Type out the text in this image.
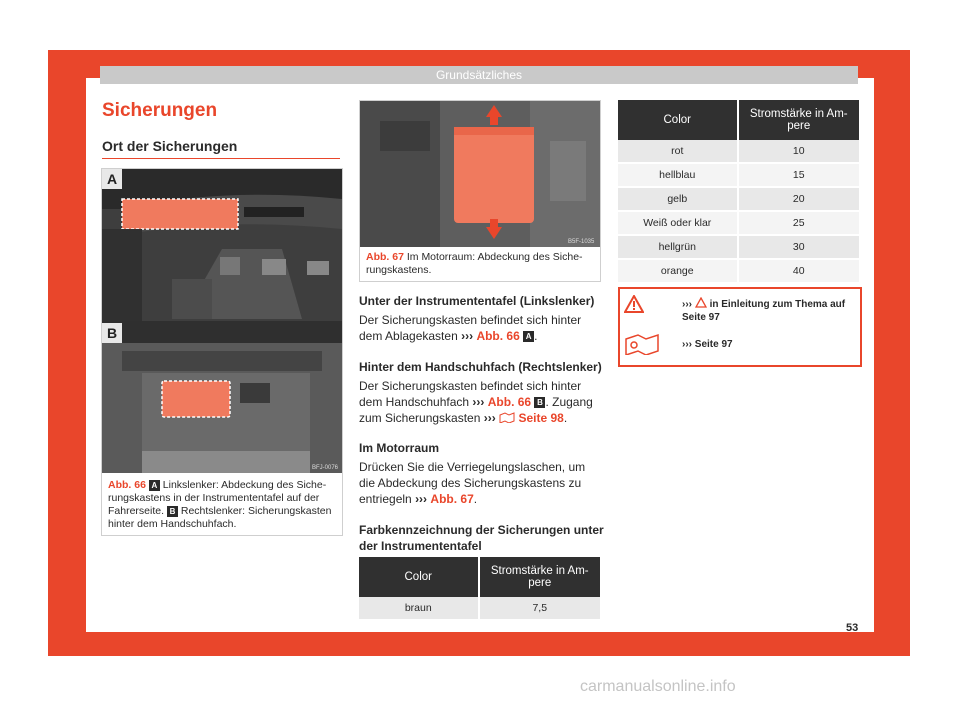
Grundsätzliches
Sicherungen
Ort der Sicherungen
A
B
BFJ-0076
Abb. 66 A Linkslenker: Abdeckung des Sicherungskastens in der Instrumententafel auf der Fahrerseite. B Rechtslenker: Sicherungskasten hinter dem Handschuhfach.
B5F-1035
Abb. 67 Im Motorraum: Abdeckung des Sicherungskastens.
Unter der Instrumententafel (Linkslenker)
Der Sicherungskasten befindet sich hinter dem Ablagekasten ››› Abb. 66 A .
Hinter dem Handschuhfach (Rechtslenker)
Der Sicherungskasten befindet sich hinter dem Handschuhfach ››› Abb. 66 B . Zugang zum Sicherungskasten ››› Seite 98.
Im Motorraum
Drücken Sie die Verriegelungslaschen, um die Abdeckung des Sicherungskastens zu entriegeln ››› Abb. 67.
Farbkennzeichnung der Sicherungen unter der Instrumententafel
Color	Stromstärke in Ampere
braun	7,5
Color	Stromstärke in Ampere
rot	10
hellblau	15
gelb	20
Weiß oder klar	25
hellgrün	30
orange	40
››› in Einleitung zum Thema auf Seite 97
››› Seite 97
53
carmanualsonline.info
